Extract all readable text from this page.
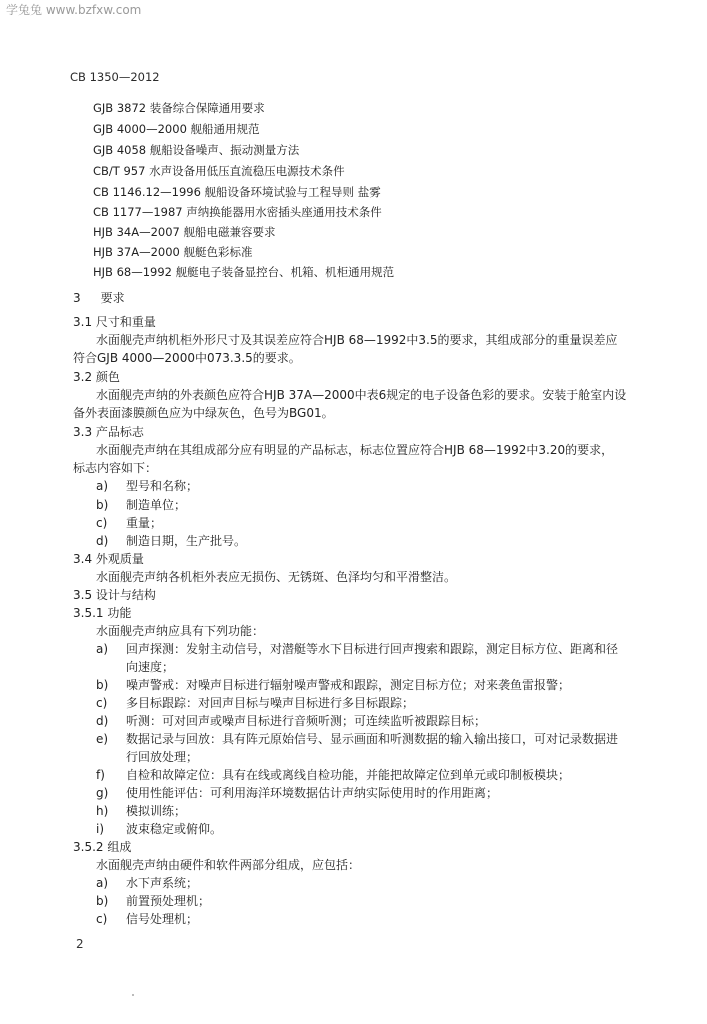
学兔兔 www.bzfxw.com
CB 1350—2012
GJB 3872 装备综合保障通用要求
GJB 4000—2000 舰船通用规范
GJB 4058 舰船设备噪声、振动测量方法
CB/T 957 水声设备用低压直流稳压电源技术条件
CB 1146.12—1996 舰船设备环境试验与工程导则 盐雾
CB 1177—1987 声纳换能器用水密插头座通用技术条件
HJB 34A—2007 舰船电磁兼容要求
HJB 37A—2000 舰艇色彩标准
HJB 68—1992 舰艇电子装备显控台、机箱、机柜通用规范
3 要求
3.1 尺寸和重量
水面舰壳声纳机柜外形尺寸及其误差应符合HJB 68—1992中3.5的要求，其组成部分的重量误差应
符合GJB 4000—2000中073.3.5的要求。
3.2 颜色
水面舰壳声纳的外表颜色应符合HJB 37A—2000中表6规定的电子设备色彩的要求。安装于舱室内设
备外表面漆膜颜色应为中绿灰色，色号为BG01。
3.3 产品标志
水面舰壳声纳在其组成部分应有明显的产品标志，标志位置应符合HJB 68—1992中3.20的要求，
标志内容如下：
a) 型号和名称；
b) 制造单位；
c) 重量；
d) 制造日期，生产批号。
3.4 外观质量
水面舰壳声纳各机柜外表应无损伤、无锈斑、色泽均匀和平滑整洁。
3.5 设计与结构
3.5.1 功能
水面舰壳声纳应具有下列功能：
a) 回声探测：发射主动信号，对潜艇等水下目标进行回声搜索和跟踪，测定目标方位、距离和径
向速度；
b) 噪声警戒：对噪声目标进行辐射噪声警戒和跟踪，测定目标方位；对来袭鱼雷报警；
c) 多目标跟踪：对回声目标与噪声目标进行多目标跟踪；
d) 听测：可对回声或噪声目标进行音频听测；可连续监听被跟踪目标；
e) 数据记录与回放：具有阵元原始信号、显示画面和听测数据的输入输出接口，可对记录数据进
行回放处理；
f) 自检和故障定位：具有在线或离线自检功能，并能把故障定位到单元或印制板模块；
g) 使用性能评估：可利用海洋环境数据估计声纳实际使用时的作用距离；
h) 模拟训练；
i) 波束稳定或俯仰。
3.5.2 组成
水面舰壳声纳由硬件和软件两部分组成，应包括：
a) 水下声系统；
b) 前置预处理机；
c) 信号处理机；
2
